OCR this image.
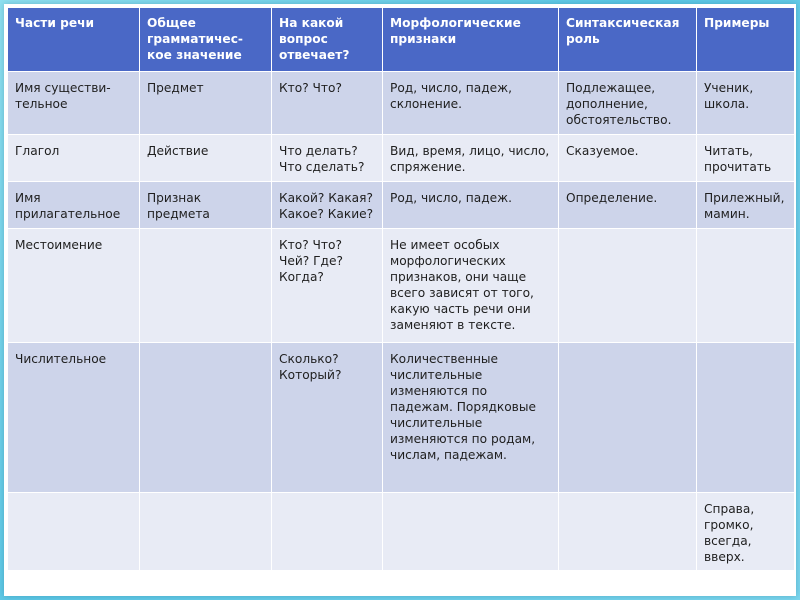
Части речи	Общее грамматичес-кое значение	На какой вопрос отвечает?	Морфологические признаки	Синтаксическая роль	Примеры
Имя существи-тельное	Предмет	Кто? Что?	Род, число, падеж, склонение.	Подлежащее, дополнение, обстоятельство.	Ученик, школа.
Глагол	Действие	Что делать? Что сделать?	Вид, время, лицо, число, спряжение.	Сказуемое.	Читать, прочитать
Имя прилагательное	Признак предмета	Какой? Какая? Какое? Какие?	Род, число, падеж.	Определение.	Прилежный, мамин.
Местоимение		Кто? Что? Чей? Где? Когда?	Не имеет особых морфологических признаков, они чаще всего зависят от того, какую часть речи они заменяют в тексте.		
Числительное		Сколько? Который?	Количественные числительные изменяются по падежам. Порядковые числительные изменяются по родам, числам, падежам.		
					Справа, громко, всегда, вверх.
